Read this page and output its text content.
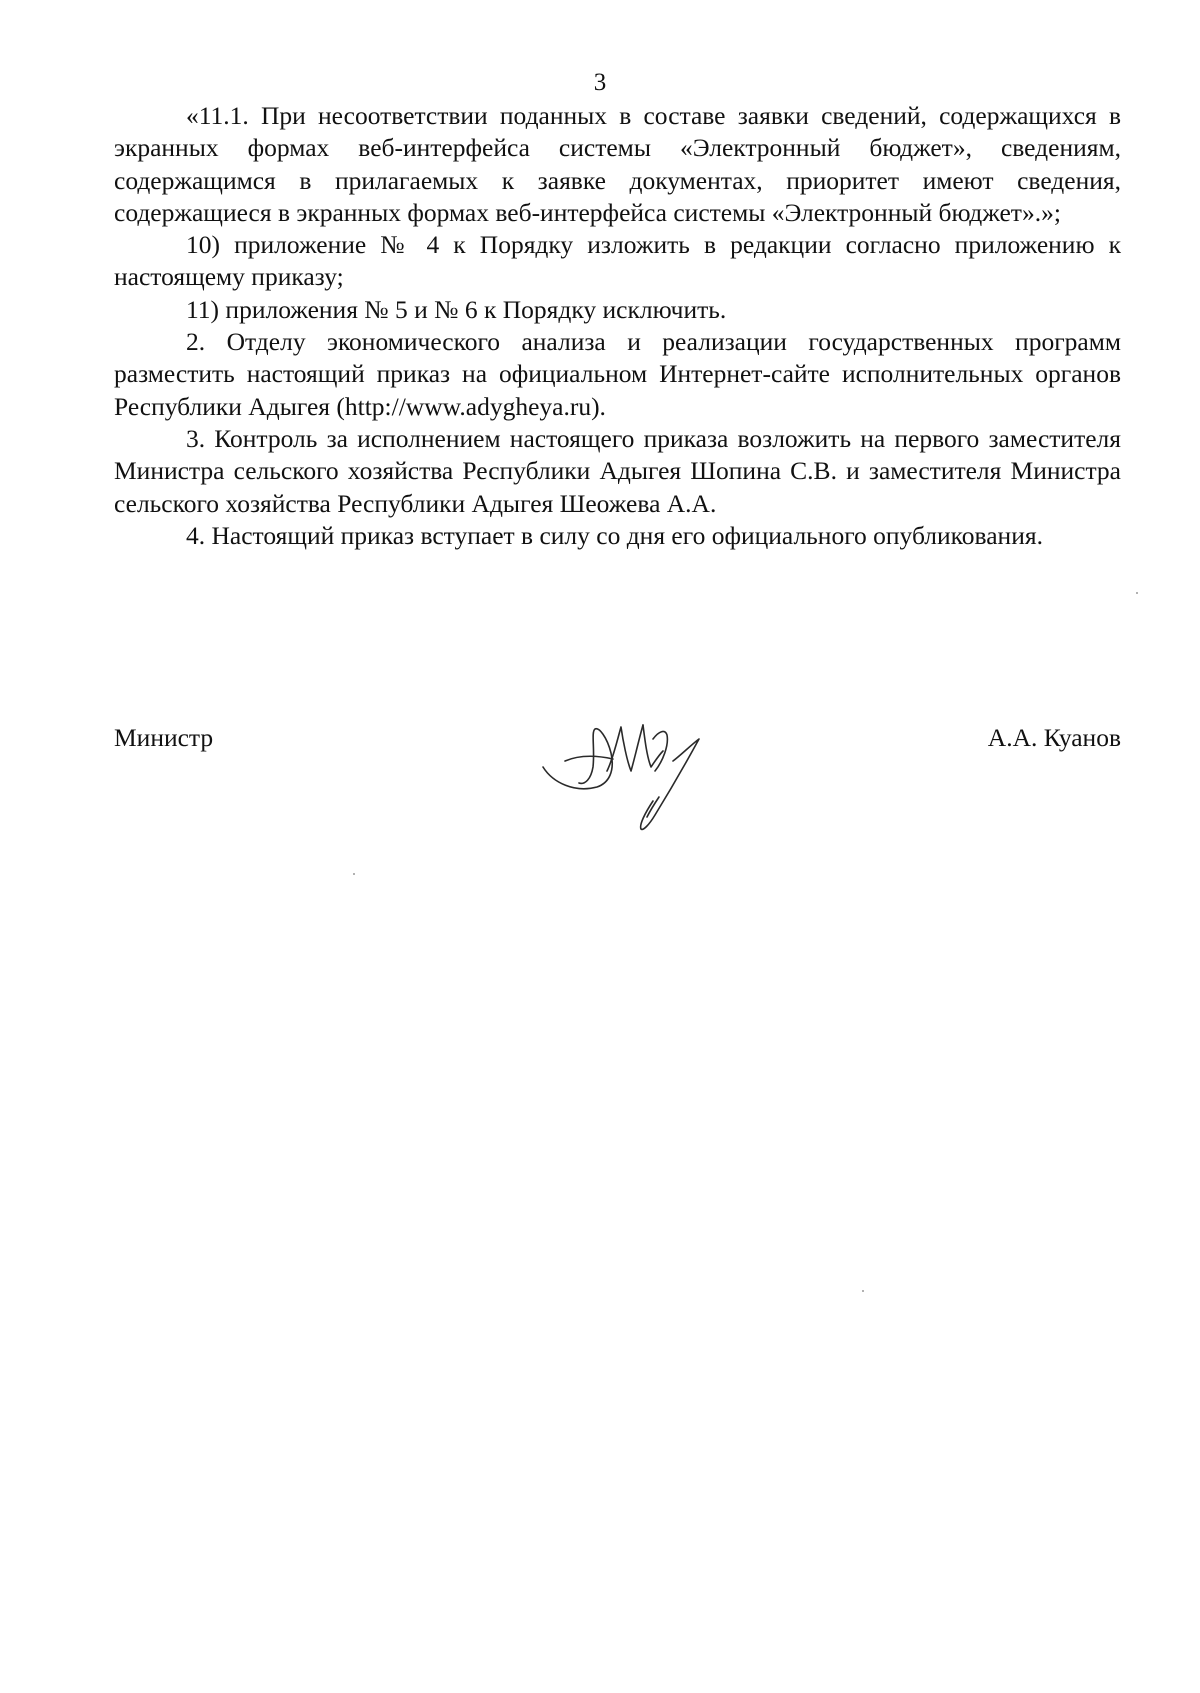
3

«11.1. При несоответствии поданных в составе заявки сведений, содержащихся в экранных формах веб-интерфейса системы «Электронный бюджет», сведениям, содержащимся в прилагаемых к заявке документах, приоритет имеют сведения, содержащиеся в экранных формах веб-интерфейса системы «Электронный бюджет».»;

10) приложение № 4 к Порядку изложить в редакции согласно приложению к настоящему приказу;

11) приложения № 5 и № 6 к Порядку исключить.

2. Отделу экономического анализа и реализации государственных программ разместить настоящий приказ на официальном Интернет-сайте исполнительных органов Республики Адыгея (http://www.adygheya.ru).

3. Контроль за исполнением настоящего приказа возложить на первого заместителя Министра сельского хозяйства Республики Адыгея Шопина С.В. и заместителя Министра сельского хозяйства Республики Адыгея Шеожева А.А.

4. Настоящий приказ вступает в силу со дня его официального опубликования.

Министр	А.А. Куанов
